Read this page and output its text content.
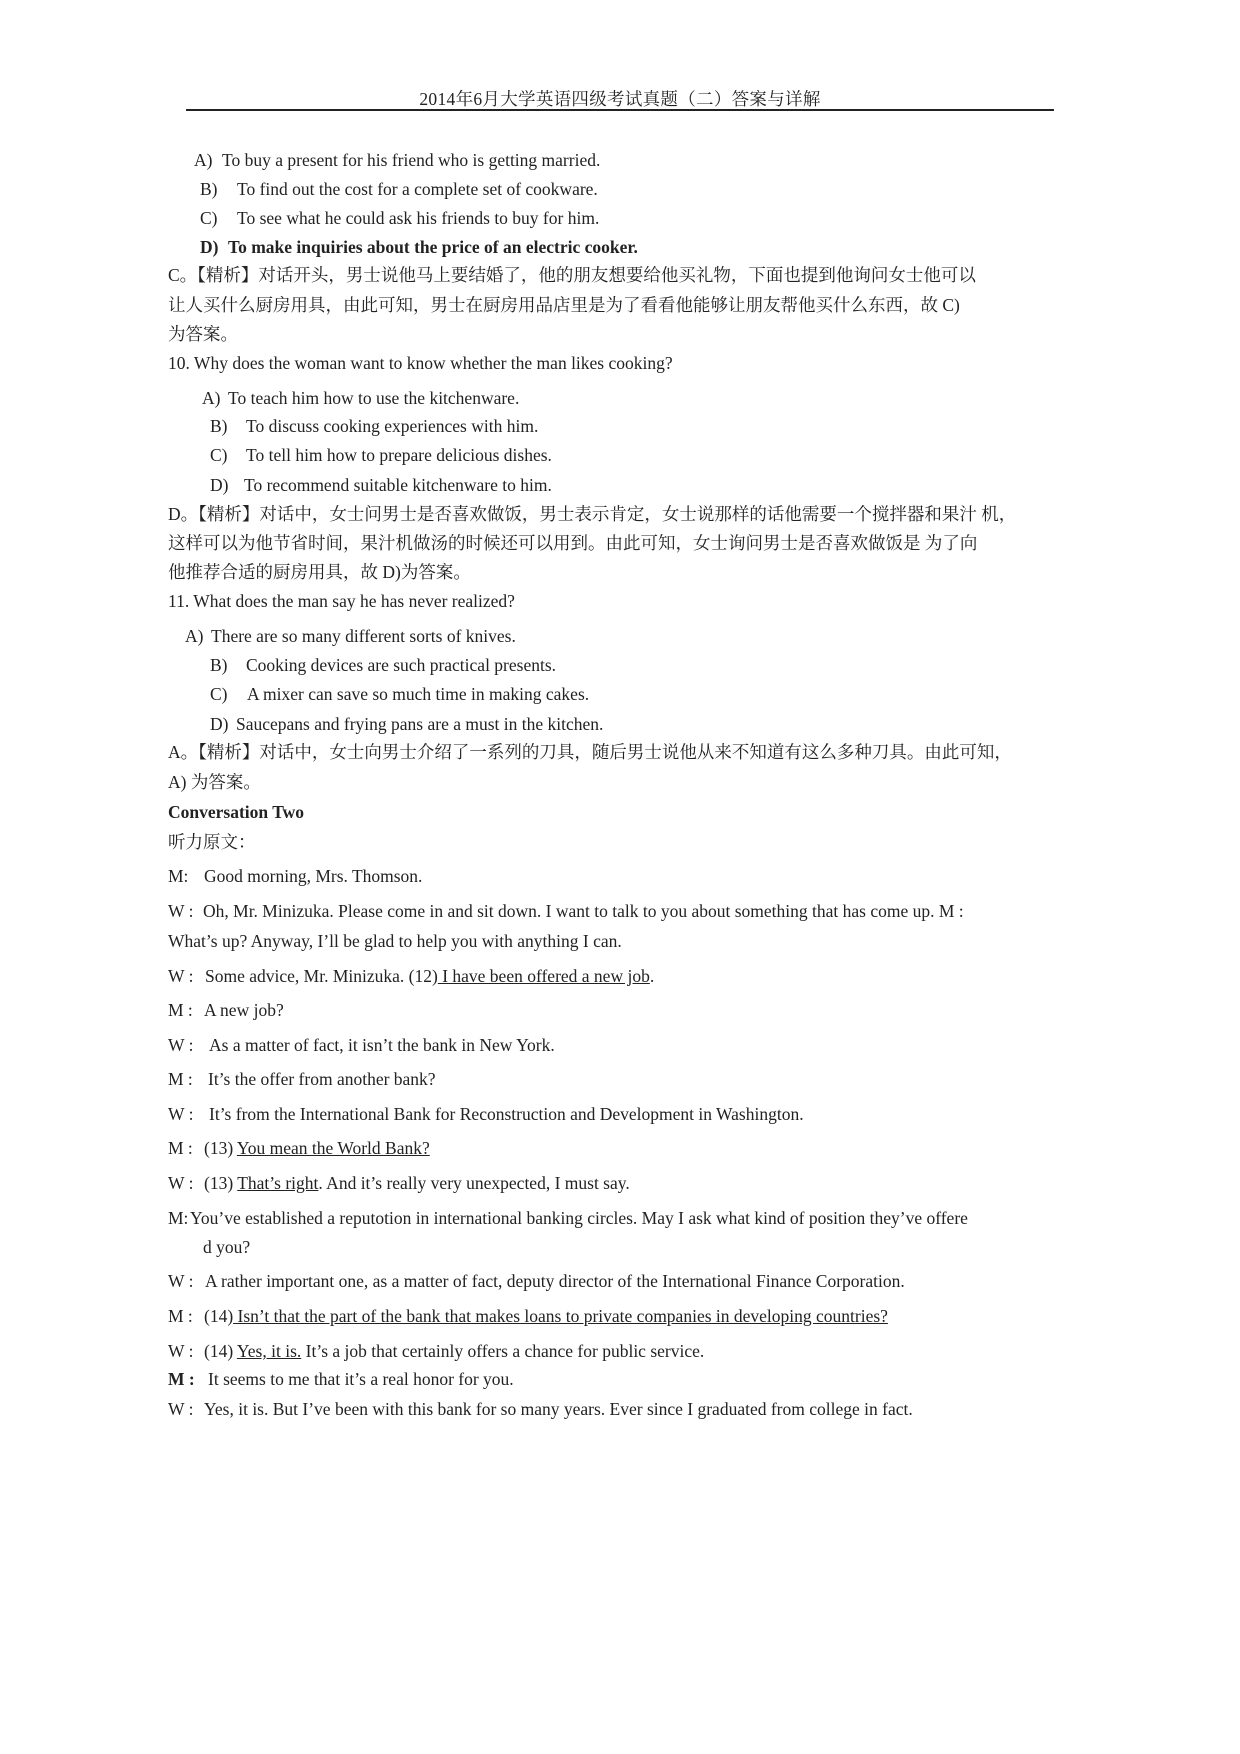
2014年6月大学英语四级考试真题（二）答案与详解
A) To buy a present for his friend who is getting married.
B) To find out the cost for a complete set of cookware.
C) To see what he could ask his friends to buy for him.
D) To make inquiries about the price of an electric cooker.
C。【精析】对话开头，男士说他马上要结婚了，他的朋友想要给他买礼物，下面也提到他询问女士他可以
让人买什么厨房用具，由此可知，男士在厨房用品店里是为了看看他能够让朋友帮他买什么东西，故 C)
为答案。
10. Why does the woman want to know whether the man likes cooking?
A) To teach him how to use the kitchenware.
B) To discuss cooking experiences with him.
C) To tell him how to prepare delicious dishes.
D) To recommend suitable kitchenware to him.
D。【精析】对话中，女士问男士是否喜欢做饭，男士表示肯定，女士说那样的话他需要一个搅拌器和果汁 机，
这样可以为他节省时间，果汁机做汤的时候还可以用到。由此可知，女士询问男士是否喜欢做饭是 为了向
他推荐合适的厨房用具，故 D)为答案。
11. What does the man say he has never realized?
A) There are so many different sorts of knives.
B) Cooking devices are such practical presents.
C) A mixer can save so much time in making cakes.
D) Saucepans and frying pans are a must in the kitchen.
A。【精析】对话中，女士向男士介绍了一系列的刀具，随后男士说他从来不知道有这么多种刀具。由此可知，
A) 为答案。
Conversation Two
听力原文：
M: Good morning, Mrs. Thomson.
W : Oh, Mr. Minizuka. Please come in and sit down. I want to talk to you about something that has come up. M :
What’s up? Anyway, I’ll be glad to help you with anything I can.
W : Some advice, Mr. Minizuka. (12) I have been offered a new job.
M : A new job?
W : As a matter of fact, it isn’t the bank in New York.
M : It’s the offer from another bank?
W : It’s from the International Bank for Reconstruction and Development in Washington.
M : (13) You mean the World Bank?
W : (13) That’s right. And it’s really very unexpected, I must say.
M:You’ve established a reputotion in international banking circles. May I ask what kind of position they’ve offere
d you?
W : A rather important one, as a matter of fact, deputy director of the International Finance Corporation.
M : (14) Isn’t that the part of the bank that makes loans to private companies in developing countries?
W : (14) Yes, it is. It’s a job that certainly offers a chance for public service.
M : It seems to me that it’s a real honor for you.
W : Yes, it is. But I’ve been with this bank for so many years. Ever since I graduated from college in fact.
